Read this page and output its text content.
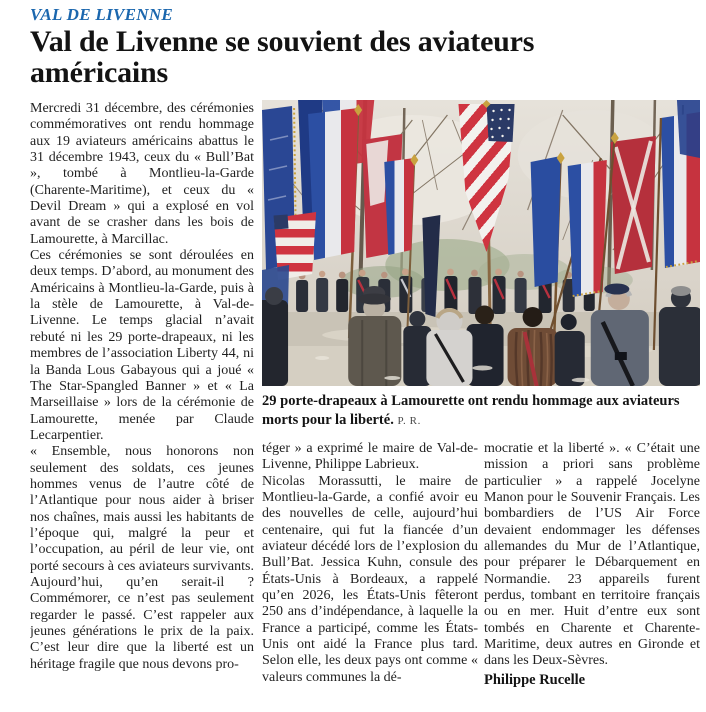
VAL DE LIVENNE
Val de Livenne se souvient des aviateurs américains

Mercredi 31 décembre, des cérémonies commémoratives ont rendu hommage aux 19 aviateurs américains abattus le 31 décembre 1943, ceux du « Bull’Bat », tombé à Montlieu-la-Garde (Charente-Maritime), et ceux du « Devil Dream » qui a explosé en vol avant de se crasher dans les bois de Lamourette, à Marcillac.

Ces cérémonies se sont déroulées en deux temps. D’abord, au monument des Américains à Montlieu-la-Garde, puis à la stèle de Lamourette, à Val-de-Livenne. Le temps glacial n’avait rebuté ni les 29 porte-drapeaux, ni les membres de l’association Liberty 44, ni la Banda Lous Gabayous qui a joué « The Star-Spangled Banner » et « La Marseillaise » lors de la cérémonie de Lamourette, menée par Claude Lecarpentier.

« Ensemble, nous honorons non seulement des soldats, ces jeunes hommes venus de l’autre côté de l’Atlantique pour nous aider à briser nos chaînes, mais aussi les habitants de l’époque qui, malgré la peur et l’occupation, au péril de leur vie, ont porté secours à ces aviateurs survivants. Aujourd’hui, qu’en serait-il ? Commémorer, ce n’est pas seulement regarder le passé. C’est rappeler aux jeunes générations le prix de la paix. C’est leur dire que la liberté est un héritage fragile que nous devons pro-

29 porte-drapeaux à Lamourette ont rendu hommage aux aviateurs morts pour la liberté. P. R.

téger » a exprimé le maire de Val-de-Livenne, Philippe Labrieux.

Nicolas Morassutti, le maire de Montlieu-la-Garde, a confié avoir eu des nouvelles de celle, aujourd’hui centenaire, qui fut la fiancée d’un aviateur décédé lors de l’explosion du Bull’Bat. Jessica Kuhn, consule des États-Unis à Bordeaux, a rappelé qu’en 2026, les États-Unis fêteront 250 ans d’indépendance, à laquelle la France a participé, comme les États-Unis ont aidé la France plus tard. Selon elle, les deux pays ont comme « valeurs communes la dé-

mocratie et la liberté ». « C’était une mission a priori sans problème particulier » a rappelé Jocelyne Manon pour le Souvenir Français. Les bombardiers de l’US Air Force devaient endommager les défenses allemandes du Mur de l’Atlantique, pour préparer le Débarquement en Normandie. 23 appareils furent perdus, tombant en territoire français ou en mer. Huit d’entre eux sont tombés en Charente et Charente-Maritime, deux autres en Gironde et dans les Deux-Sèvres.

Philippe Rucelle
